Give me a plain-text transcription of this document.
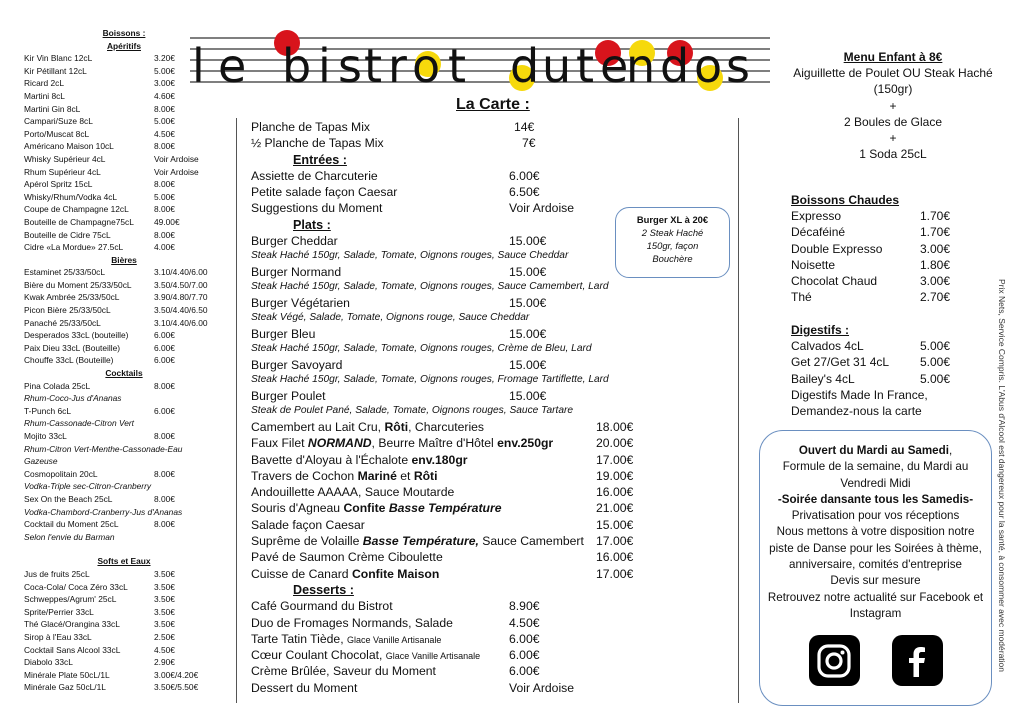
Boissons :
Apéritifs
Kir Vin Blanc 12cL	3.20€
Kir Pétillant 12cL	5.00€
Ricard 2cL	3.00€
Martini 8cL	4.60€
Martini Gin 8cL	8.00€
Campari/Suze 8cL	5.00€
Porto/Muscat 8cL	4.50€
Américano Maison 10cL	8.00€
Whisky Supérieur 4cL	Voir Ardoise
Rhum Supérieur 4cL	Voir Ardoise
Apérol Spritz 15cL	8.00€
Whisky/Rhum/Vodka 4cL	5.00€
Coupe de Champagne 12cL	8.00€
Bouteille de Champagne75cL 49.00€
Bouteille de Cidre 75cL	8.00€
Cidre «La Mordue» 27.5cL	4.00€
Bières
Estaminet 25/33/50cL	3.10/4.40/6.00
Bière du Moment 25/33/50cL	3.50/4.50/7.00
Kwak Ambrée 25/33/50cL	3.90/4.80/7.70
Picon Bière 25/33/50cL	3.50/4.40/6.50
Panaché 25/33/50cL	3.10/4.40/6.00
Desperados 33cL (bouteille)	6.00€
Paix Dieu 33cL (Bouteille)	6.00€
Chouffe 33cL (Bouteille)	6.00€
Cocktails
Pina Colada 25cL	8.00€
Rhum-Coco-Jus d'Ananas
T-Punch 6cL	6.00€
Rhum-Cassonade-Citron Vert
Mojito 33cL	8.00€
Rhum-Citron Vert-Menthe-Cassonade-Eau
Gazeuse
Cosmopolitain 20cL	8.00€
Vodka-Triple sec-Citron-Cranberry
Sex On the Beach 25cL	8.00€
Vodka-Chambord-Cranberry-Jus d'Ananas
Cocktail du Moment 25cL	8.00€
Selon l'envie du Barman
Softs et Eaux
Jus de fruits 25cL	3.50€
Coca-Cola/ Coca Zéro 33cL	3.50€
Schweppes/Agrum' 25cL	3.50€
Sprite/Perrier 33cL	3.50€
Thé Glacé/Orangina 33cL	3.50€
Sirop à l'Eau 33cL	2.50€
Cocktail Sans Alcool 33cL	4.50€
Diabolo 33cL	2.90€
Minérale Plate 50cL/1L	3.00€/4.20€
Minérale Gaz 50cL/1L	3.50€/5.50€
l e b i st r o t du t en d os
La Carte :
Planche de Tapas Mix	14€
½ Planche de Tapas Mix	7€
Entrées :
Assiette de Charcuterie	6.00€
Petite salade façon Caesar	6.50€
Suggestions du Moment	Voir Ardoise
Plats :
Burger Cheddar	15.00€
Steak Haché 150gr, Salade, Tomate, Oignons rouges, Sauce Cheddar
Burger Normand	15.00€
Steak Haché 150gr, Salade, Tomate, Oignons rouges, Sauce Camembert, Lard
Burger Végétarien	15.00€
Steak Végé, Salade, Tomate, Oignons rouge, Sauce Cheddar
Burger Bleu	15.00€
Steak Haché 150gr, Salade, Tomate, Oignons rouges, Crème de Bleu, Lard
Burger Savoyard	15.00€
Steak Haché 150gr, Salade, Tomate, Oignons rouges, Fromage Tartiflette, Lard
Burger Poulet	15.00€
Steak de Poulet Pané, Salade, Tomate, Oignons rouges, Sauce Tartare
Camembert au Lait Cru, Rôti, Charcuteries	18.00€
Faux Filet NORMAND, Beurre Maître d'Hôtel env.250gr	20.00€
Bavette d'Aloyau à l'Échalote env.180gr	17.00€
Travers de Cochon Mariné et Rôti	19.00€
Andouillette AAAAA, Sauce Moutarde	16.00€
Souris d'Agneau Confite Basse Température	21.00€
Salade façon Caesar	15.00€
Suprême de Volaille Basse Température, Sauce Camembert 17.00€
Pavé de Saumon Crème Ciboulette	16.00€
Cuisse de Canard Confite Maison	17.00€
Desserts :
Café Gourmand du Bistrot	8.90€
Duo de Fromages Normands, Salade	4.50€
Tarte Tatin Tiède, Glace Vanille Artisanale	6.00€
Cœur Coulant Chocolat, Glace Vanille Artisanale 6.00€
Crème Brûlée, Saveur du Moment	6.00€
Dessert du Moment	Voir Ardoise
Burger XL à 20€
2 Steak Haché
150gr, façon
Bouchère
Menu Enfant à 8€
Aiguillette de Poulet OU Steak Haché
(150gr)
+
2 Boules de Glace
+
1 Soda 25cL
Boissons Chaudes
Expresso	1.70€
Décaféiné	1.70€
Double Expresso	3.00€
Noisette	1.80€
Chocolat Chaud	3.00€
Thé	2.70€
Digestifs :
Calvados 4cL	5.00€
Get 27/Get 31 4cL	5.00€
Bailey's 4cL	5.00€
Digestifs Made In France, Demandez-nous la carte
Ouvert du Mardi au Samedi,
Formule de la semaine, du Mardi au Vendredi Midi
-Soirée dansante tous les Samedis-
Privatisation pour vos réceptions
Nous mettons à votre disposition notre piste de Danse pour les Soirées à thème, anniversaire, comités d'entreprise
Devis sur mesure
Retrouvez notre actualité sur Facebook et Instagram	Prix Nets, Service Compris. L'Abus d'Alcool est dangereux pour la santé, à consommer avec modération
